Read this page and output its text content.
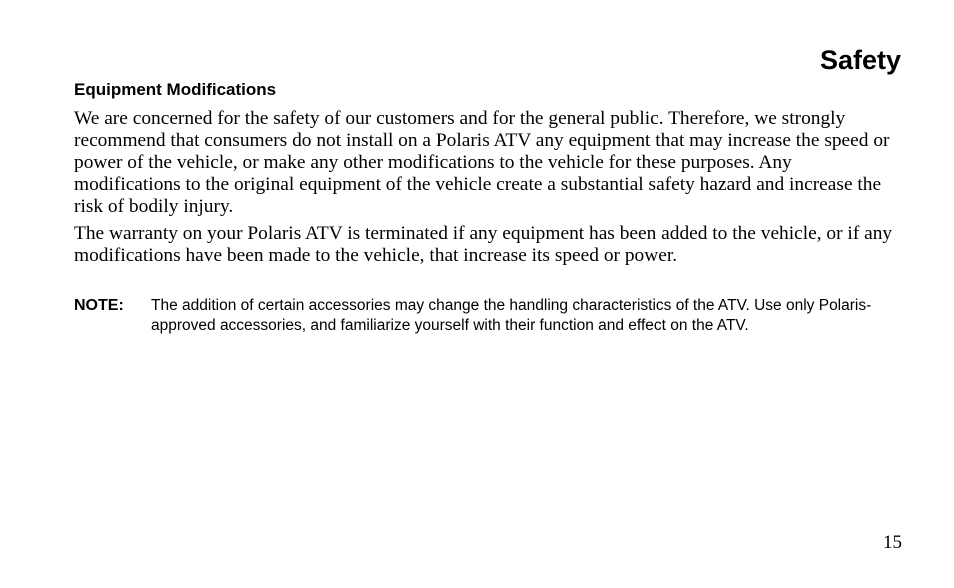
Safety
Equipment Modifications

We are concerned for the safety of our customers and for the general public. Therefore, we strongly recommend that consumers do not install on a Polaris ATV any equipment that may increase the speed or power of the vehicle, or make any other modifications to the vehicle for these purposes. Any modifications to the original equipment of the vehicle create a substantial safety hazard and increase the risk of bodily injury.

The warranty on your Polaris ATV is terminated if any equipment has been added to the vehicle, or if any modifications have been made to the vehicle, that increase its speed or power.

NOTE: The addition of certain accessories may change the handling characteristics of the ATV. Use only Polaris-approved accessories, and familiarize yourself with their function and effect on the ATV.
15
